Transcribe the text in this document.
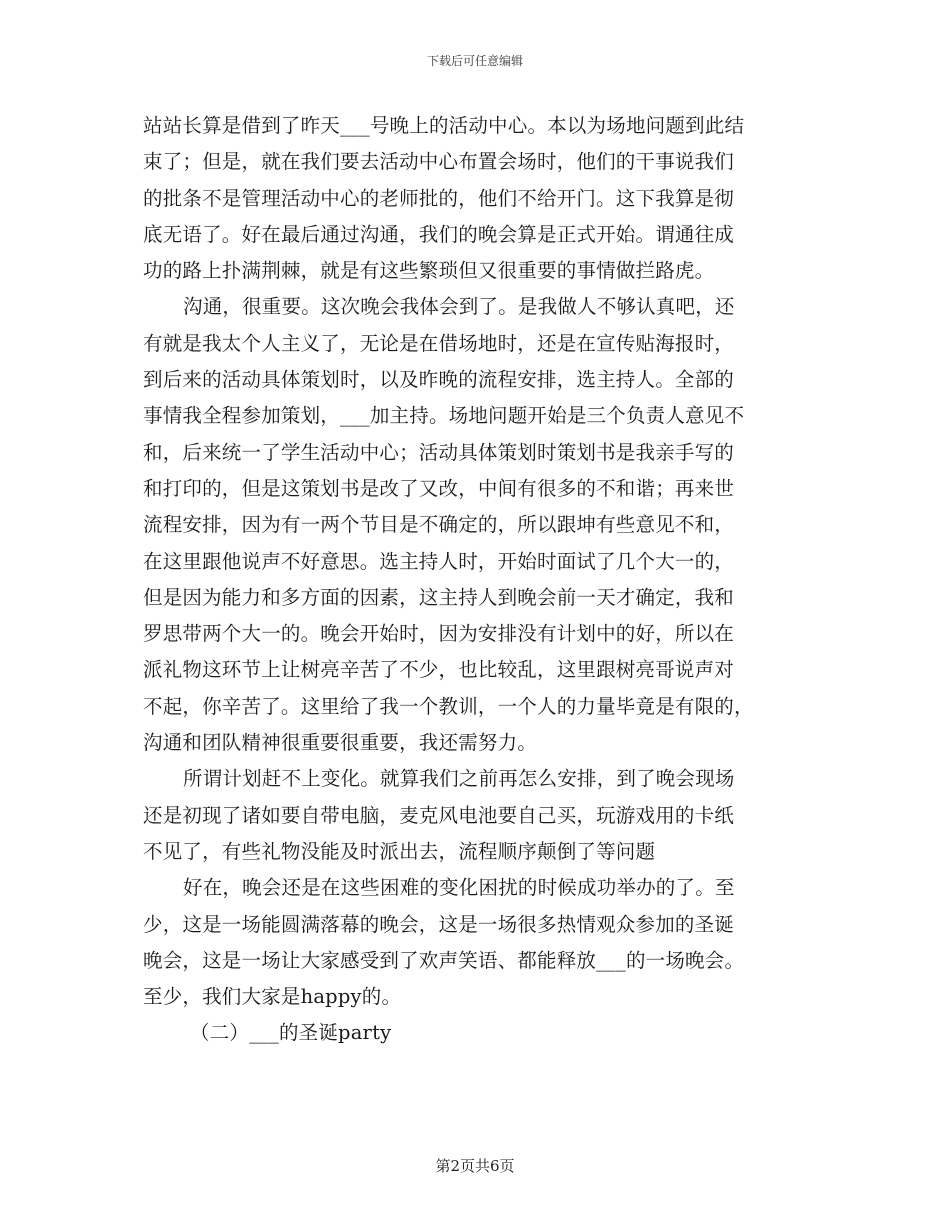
下载后可任意编辑
站站长算是借到了昨天___号晚上的活动中心。本以为场地问题到此结
束了；但是，就在我们要去活动中心布置会场时，他们的干事说我们
的批条不是管理活动中心的老师批的，他们不给开门。这下我算是彻
底无语了。好在最后通过沟通，我们的晚会算是正式开始。谓通往成
功的路上扑满荆棘，就是有这些繁琐但又很重要的事情做拦路虎。
沟通，很重要。这次晚会我体会到了。是我做人不够认真吧，还
有就是我太个人主义了，无论是在借场地时，还是在宣传贴海报时，
到后来的活动具体策划时，以及昨晚的流程安排，选主持人。全部的
事情我全程参加策划，___加主持。场地问题开始是三个负责人意见不
和，后来统一了学生活动中心；活动具体策划时策划书是我亲手写的
和打印的，但是这策划书是改了又改，中间有很多的不和谐；再来世
流程安排，因为有一两个节目是不确定的，所以跟坤有些意见不和，
在这里跟他说声不好意思。选主持人时，开始时面试了几个大一的，
但是因为能力和多方面的因素，这主持人到晚会前一天才确定，我和
罗思带两个大一的。晚会开始时，因为安排没有计划中的好，所以在
派礼物这环节上让树亮辛苦了不少，也比较乱，这里跟树亮哥说声对
不起，你辛苦了。这里给了我一个教训，一个人的力量毕竟是有限的，
沟通和团队精神很重要很重要，我还需努力。
所谓计划赶不上变化。就算我们之前再怎么安排，到了晚会现场
还是初现了诸如要自带电脑，麦克风电池要自己买，玩游戏用的卡纸
不见了，有些礼物没能及时派出去，流程顺序颠倒了等问题
好在，晚会还是在这些困难的变化困扰的时候成功举办的了。至
少，这是一场能圆满落幕的晚会，这是一场很多热情观众参加的圣诞
晚会，这是一场让大家感受到了欢声笑语、都能释放___的一场晚会。
至少，我们大家是happy的。
（二）___的圣诞party
第2页共6页
